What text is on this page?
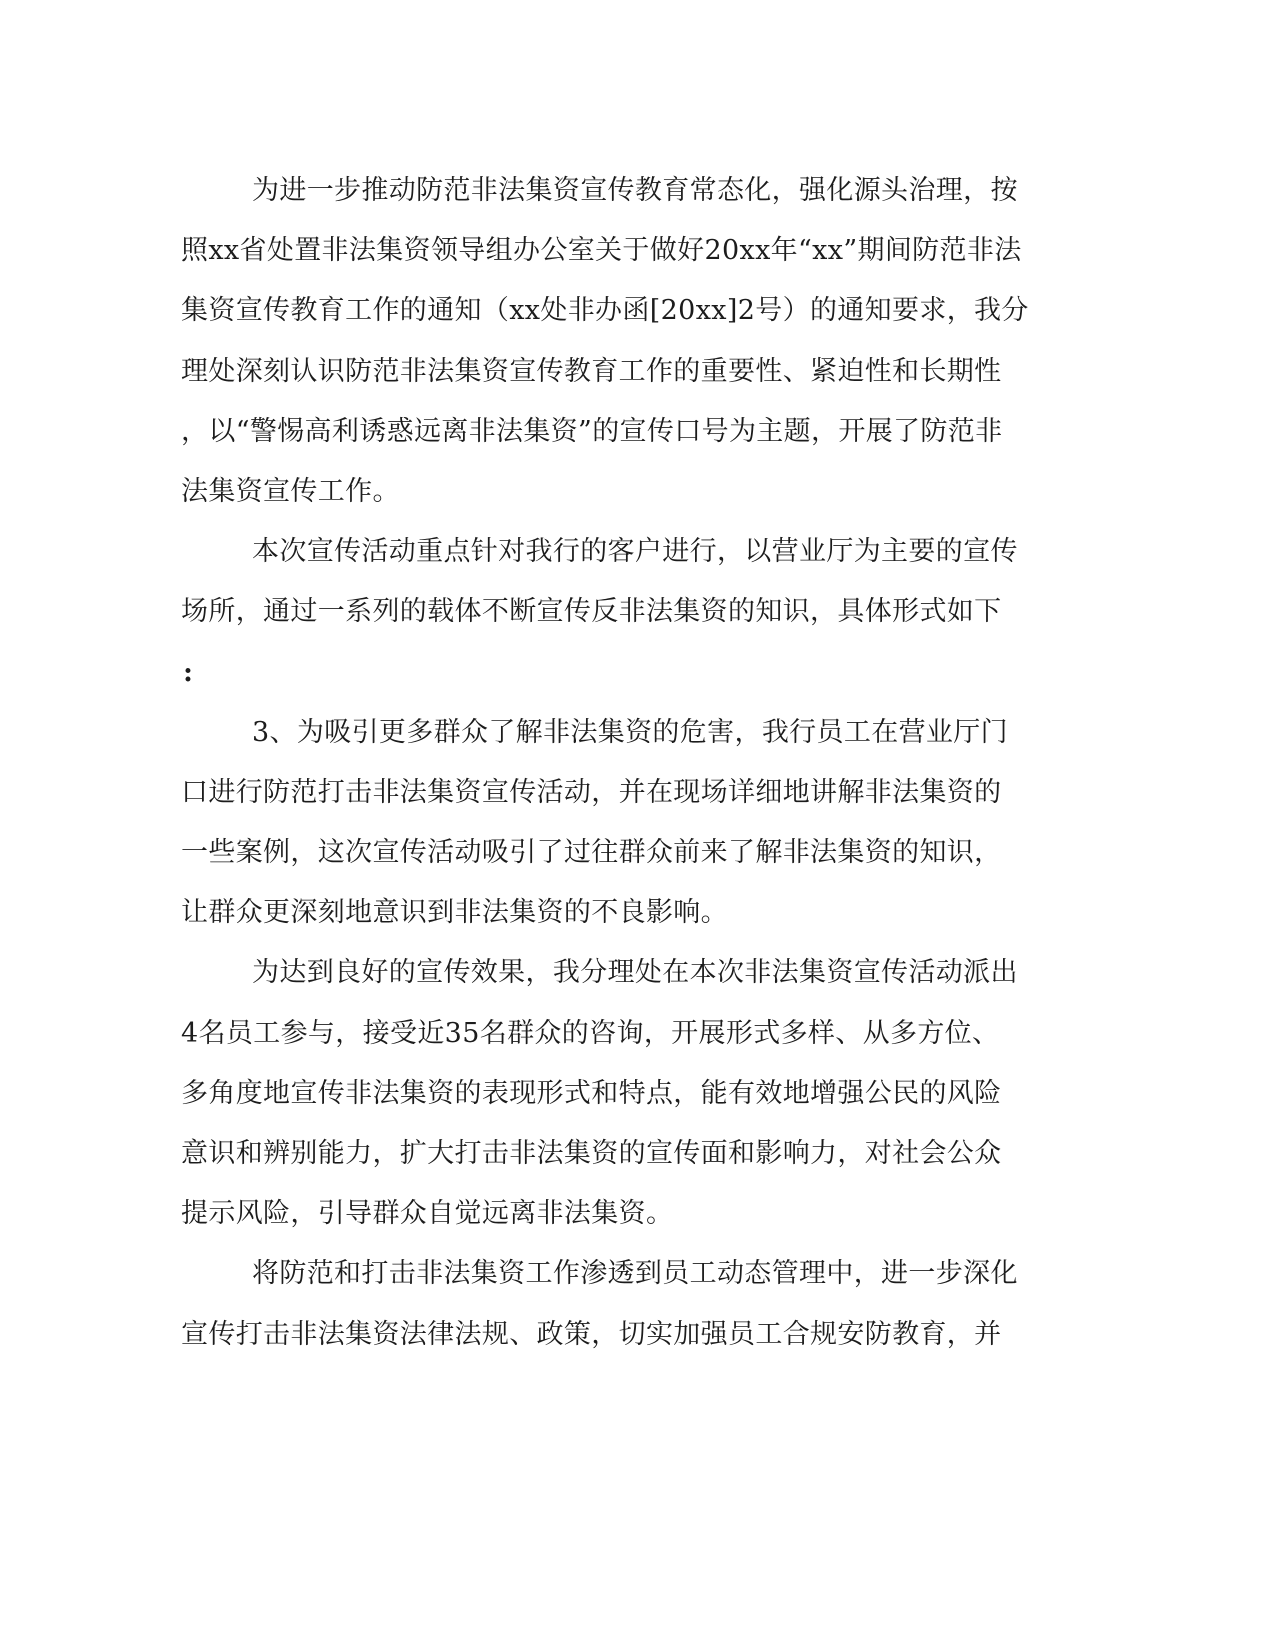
为进一步推动防范非法集资宣传教育常态化，强化源头治理，按
照xx省处置非法集资领导组办公室关于做好20xx年“xx”期间防范非法
集资宣传教育工作的通知（xx处非办函[20xx]2号）的通知要求，我分
理处深刻认识防范非法集资宣传教育工作的重要性、紧迫性和长期性
，以“警惕高利诱惑远离非法集资”的宣传口号为主题，开展了防范非
法集资宣传工作。
本次宣传活动重点针对我行的客户进行，以营业厅为主要的宣传
场所，通过一系列的载体不断宣传反非法集资的知识，具体形式如下
:
3、为吸引更多群众了解非法集资的危害，我行员工在营业厅门
口进行防范打击非法集资宣传活动，并在现场详细地讲解非法集资的
一些案例，这次宣传活动吸引了过往群众前来了解非法集资的知识，
让群众更深刻地意识到非法集资的不良影响。
为达到良好的宣传效果，我分理处在本次非法集资宣传活动派出
4名员工参与，接受近35名群众的咨询，开展形式多样、从多方位、
多角度地宣传非法集资的表现形式和特点，能有效地增强公民的风险
意识和辨别能力，扩大打击非法集资的宣传面和影响力，对社会公众
提示风险，引导群众自觉远离非法集资。
将防范和打击非法集资工作渗透到员工动态管理中，进一步深化
宣传打击非法集资法律法规、政策，切实加强员工合规安防教育，并
